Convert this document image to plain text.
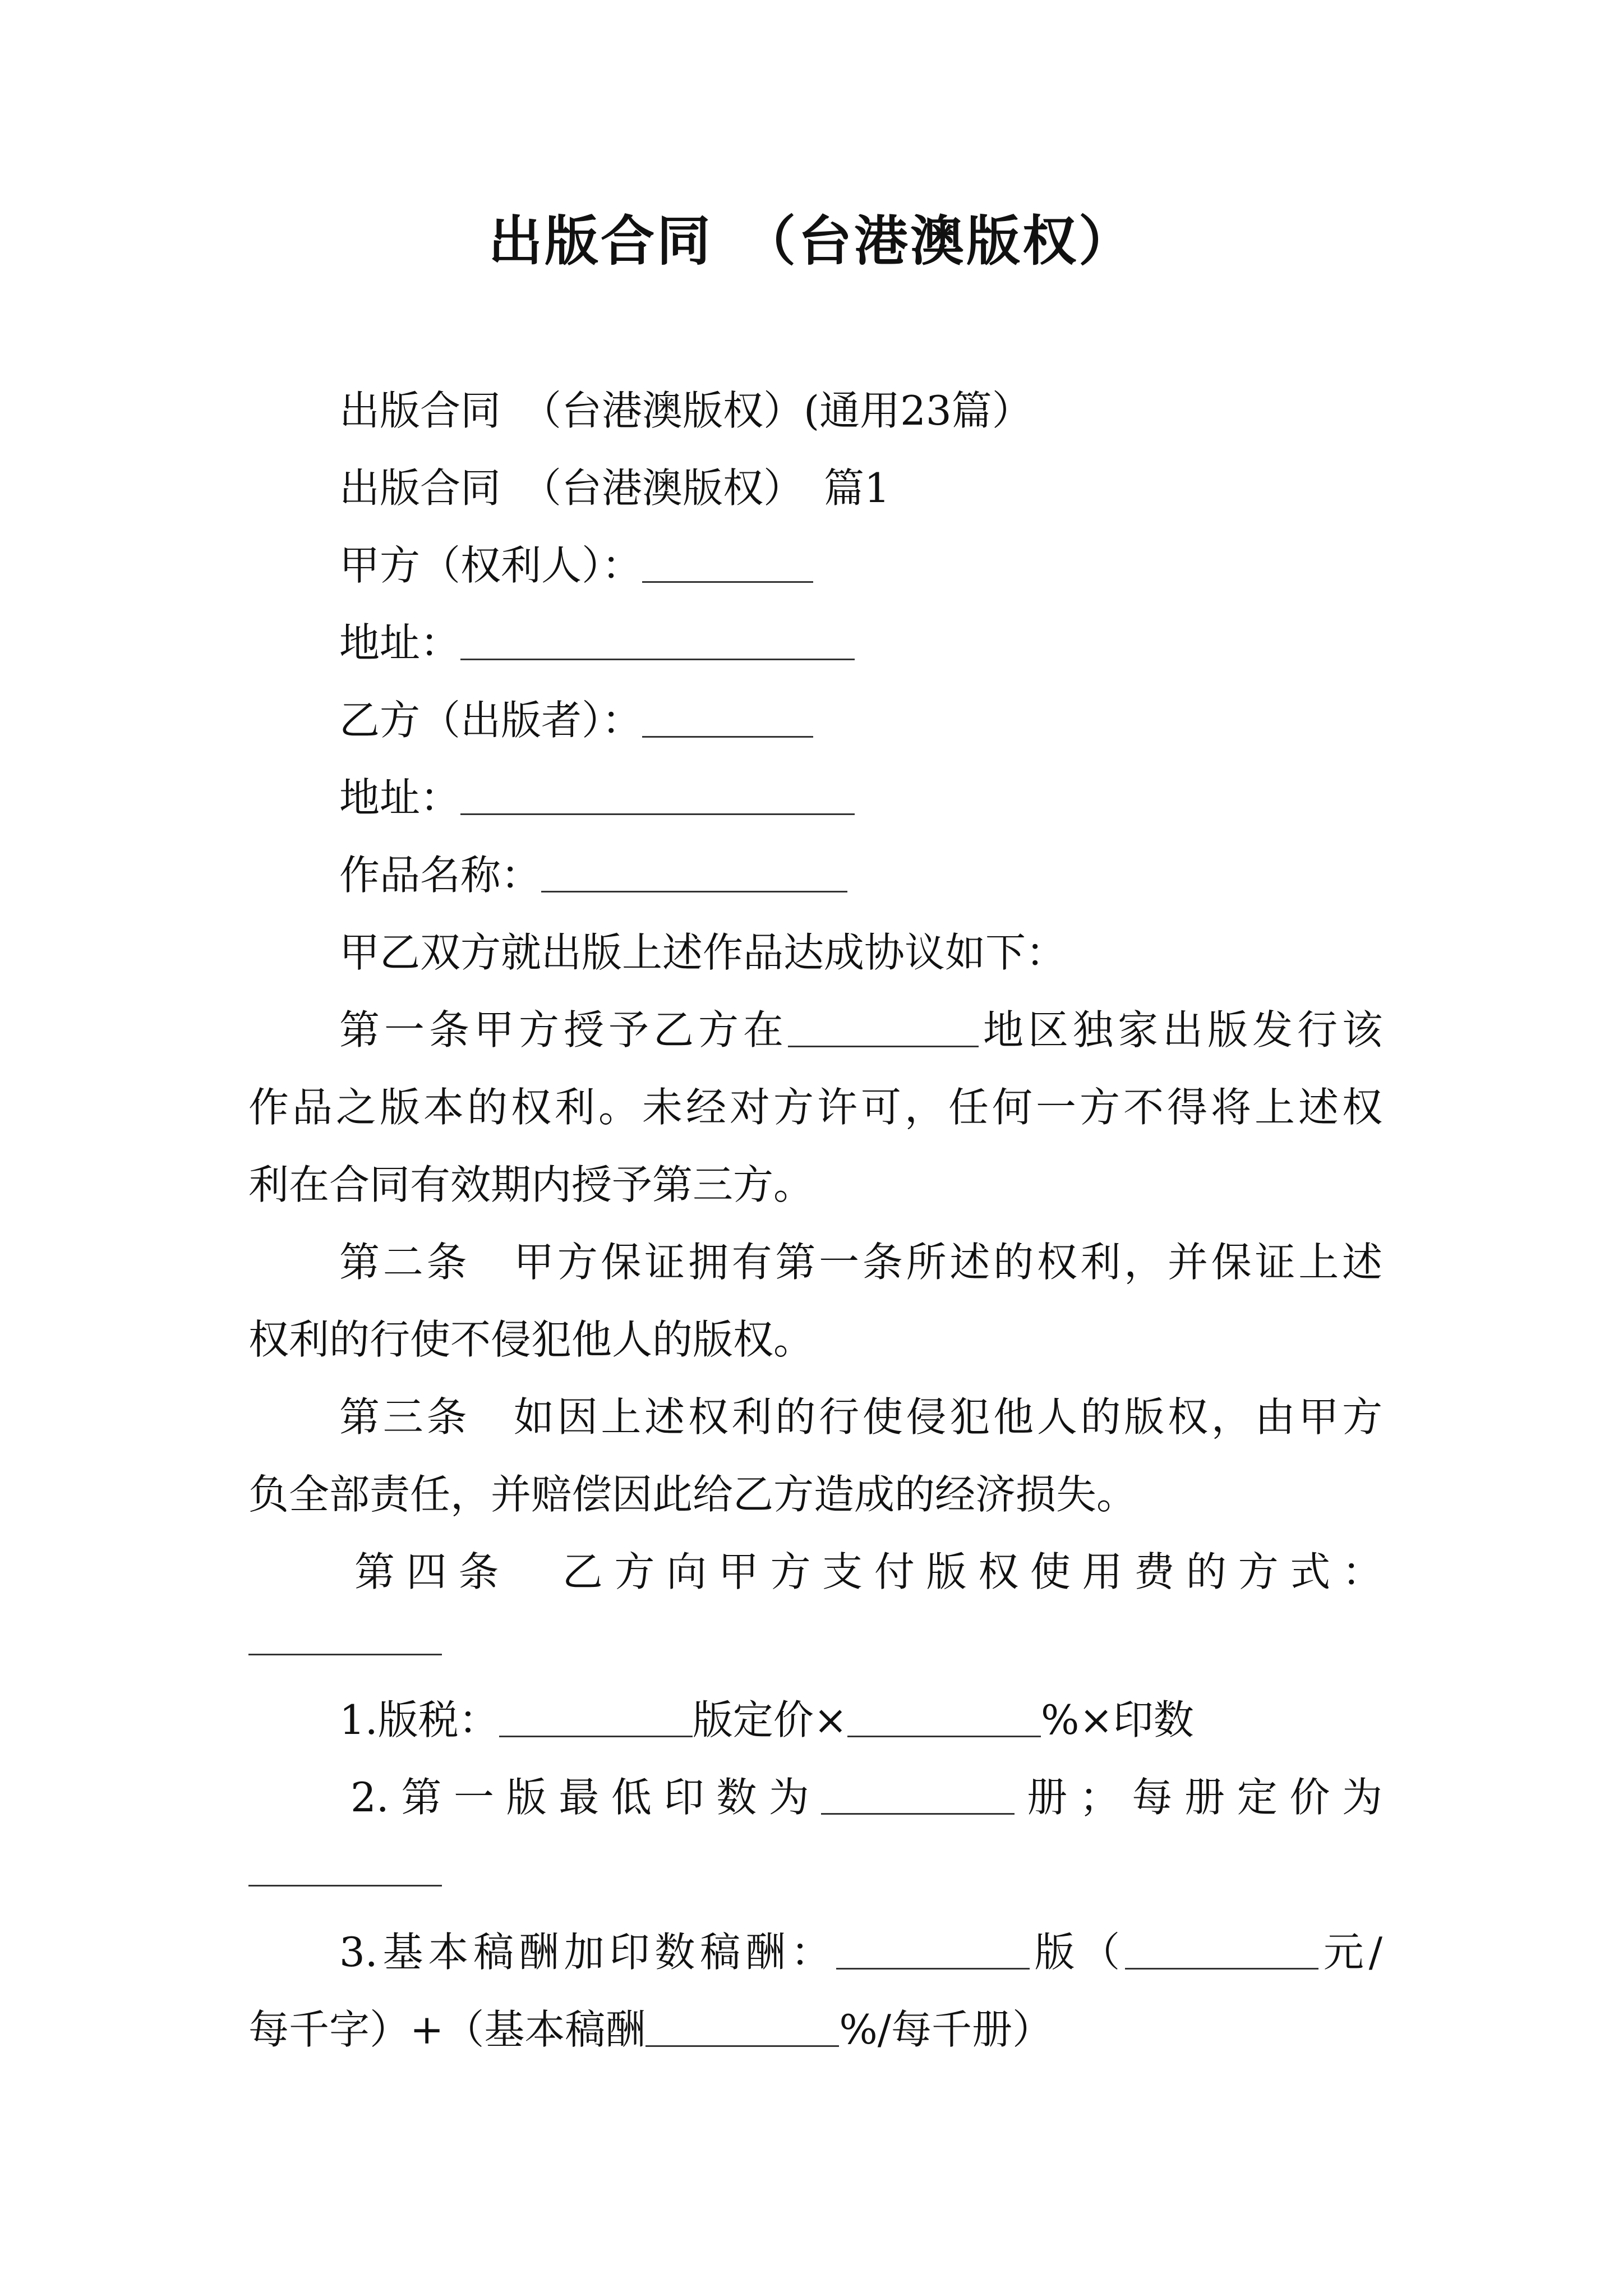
出版合同　（台港澳版权）
出版合同　（台港澳版权）(通用23篇）
出版合同　（台港澳版权）　篇1
甲方（权利人）：
地址：
乙方（出版者）：
地址：
作品名称：
甲乙双方就出版上述作品达成协议如下：
第一条甲方授予乙方在	地区独家出版发行该
作品之版本的权利。未经对方许可，任何一方不得将上述权
利在合同有效期内授予第三方。
第二条　甲方保证拥有第一条所述的权利，并保证上述
权利的行使不侵犯他人的版权。
第三条　如因上述权利的行使侵犯他人的版权，由甲方
负全部责任，并赔偿因此给乙方造成的经济损失。
第四条　乙方向甲方支付版权使用费的方式：
1.版税：	版定价×	%×印数
2.第一版最低印数为	册；每册定价为
3.基本稿酬加印数稿酬：	版（	元/
每千字）+（基本稿酬	%/每千册）
